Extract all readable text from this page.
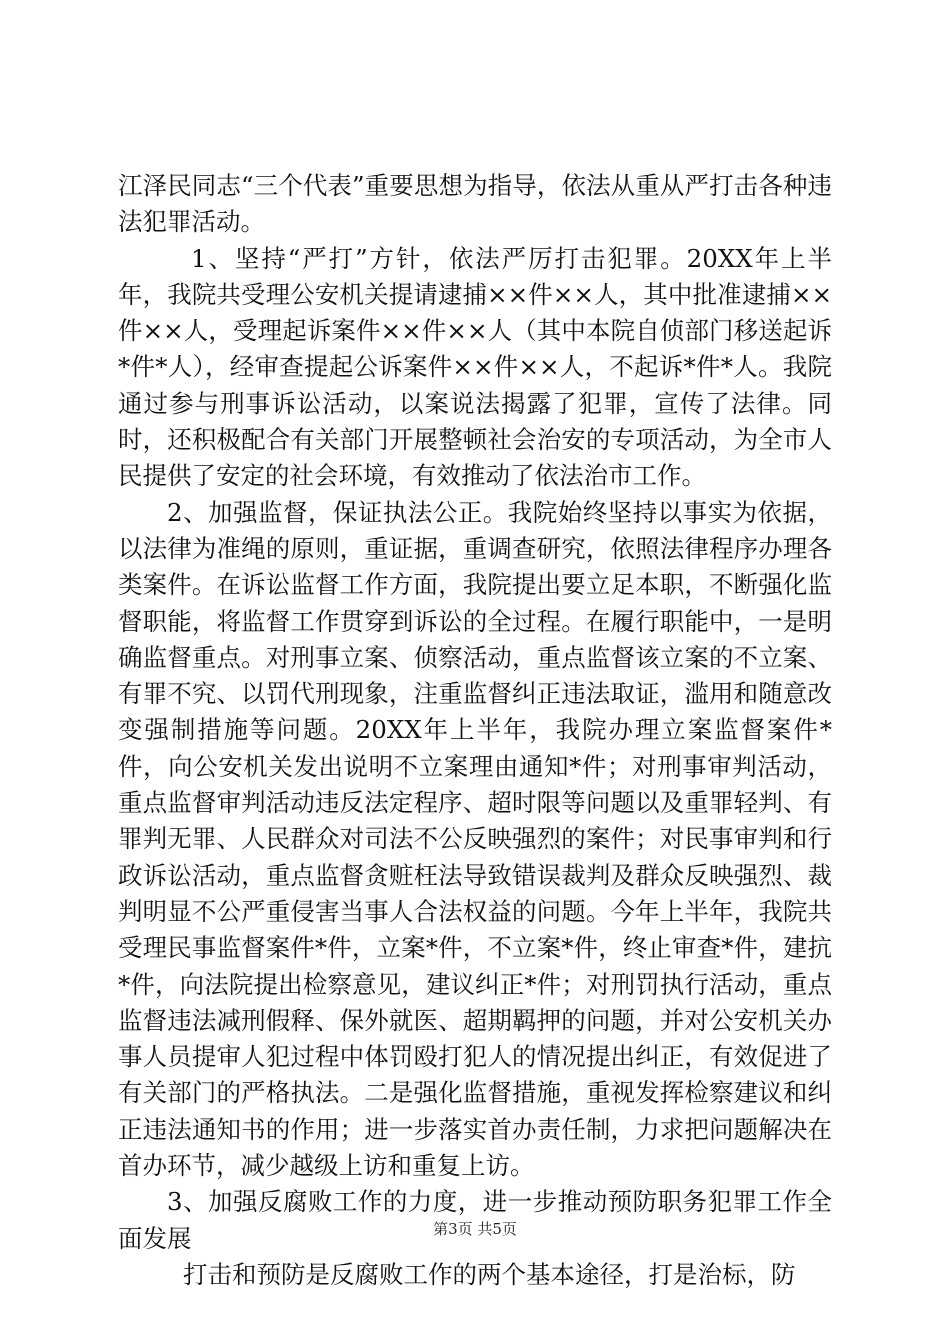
江泽民同志“三个代表”重要思想为指导，依法从重从严打击各种违法犯罪活动。

1、坚持“严打”方针，依法严厉打击犯罪。20XX年上半年，我院共受理公安机关提请逮捕××件××人，其中批准逮捕××件××人，受理起诉案件××件××人（其中本院自侦部门移送起诉*件*人），经审查提起公诉案件××件××人，不起诉*件*人。我院通过参与刑事诉讼活动，以案说法揭露了犯罪，宣传了法律。同时，还积极配合有关部门开展整顿社会治安的专项活动，为全市人民提供了安定的社会环境，有效推动了依法治市工作。

2、加强监督，保证执法公正。我院始终坚持以事实为依据，以法律为准绳的原则，重证据，重调查研究，依照法律程序办理各类案件。在诉讼监督工作方面，我院提出要立足本职，不断强化监督职能，将监督工作贯穿到诉讼的全过程。在履行职能中，一是明确监督重点。对刑事立案、侦察活动，重点监督该立案的不立案、有罪不究、以罚代刑现象，注重监督纠正违法取证，滥用和随意改变强制措施等问题。20XX年上半年，我院办理立案监督案件*件，向公安机关发出说明不立案理由通知*件；对刑事审判活动，重点监督审判活动违反法定程序、超时限等问题以及重罪轻判、有罪判无罪、人民群众对司法不公反映强烈的案件；对民事审判和行政诉讼活动，重点监督贪赃枉法导致错误裁判及群众反映强烈、裁判明显不公严重侵害当事人合法权益的问题。今年上半年，我院共受理民事监督案件*件，立案*件，不立案*件，终止审查*件，建抗*件，向法院提出检察意见，建议纠正*件；对刑罚执行活动，重点监督违法减刑假释、保外就医、超期羁押的问题，并对公安机关办事人员提审人犯过程中体罚殴打犯人的情况提出纠正，有效促进了有关部门的严格执法。二是强化监督措施，重视发挥检察建议和纠正违法通知书的作用；进一步落实首办责任制，力求把问题解决在首办环节，减少越级上访和重复上访。

3、加强反腐败工作的力度，进一步推动预防职务犯罪工作全面发展

打击和预防是反腐败工作的两个基本途径，打是治标，防

第3页 共5页
